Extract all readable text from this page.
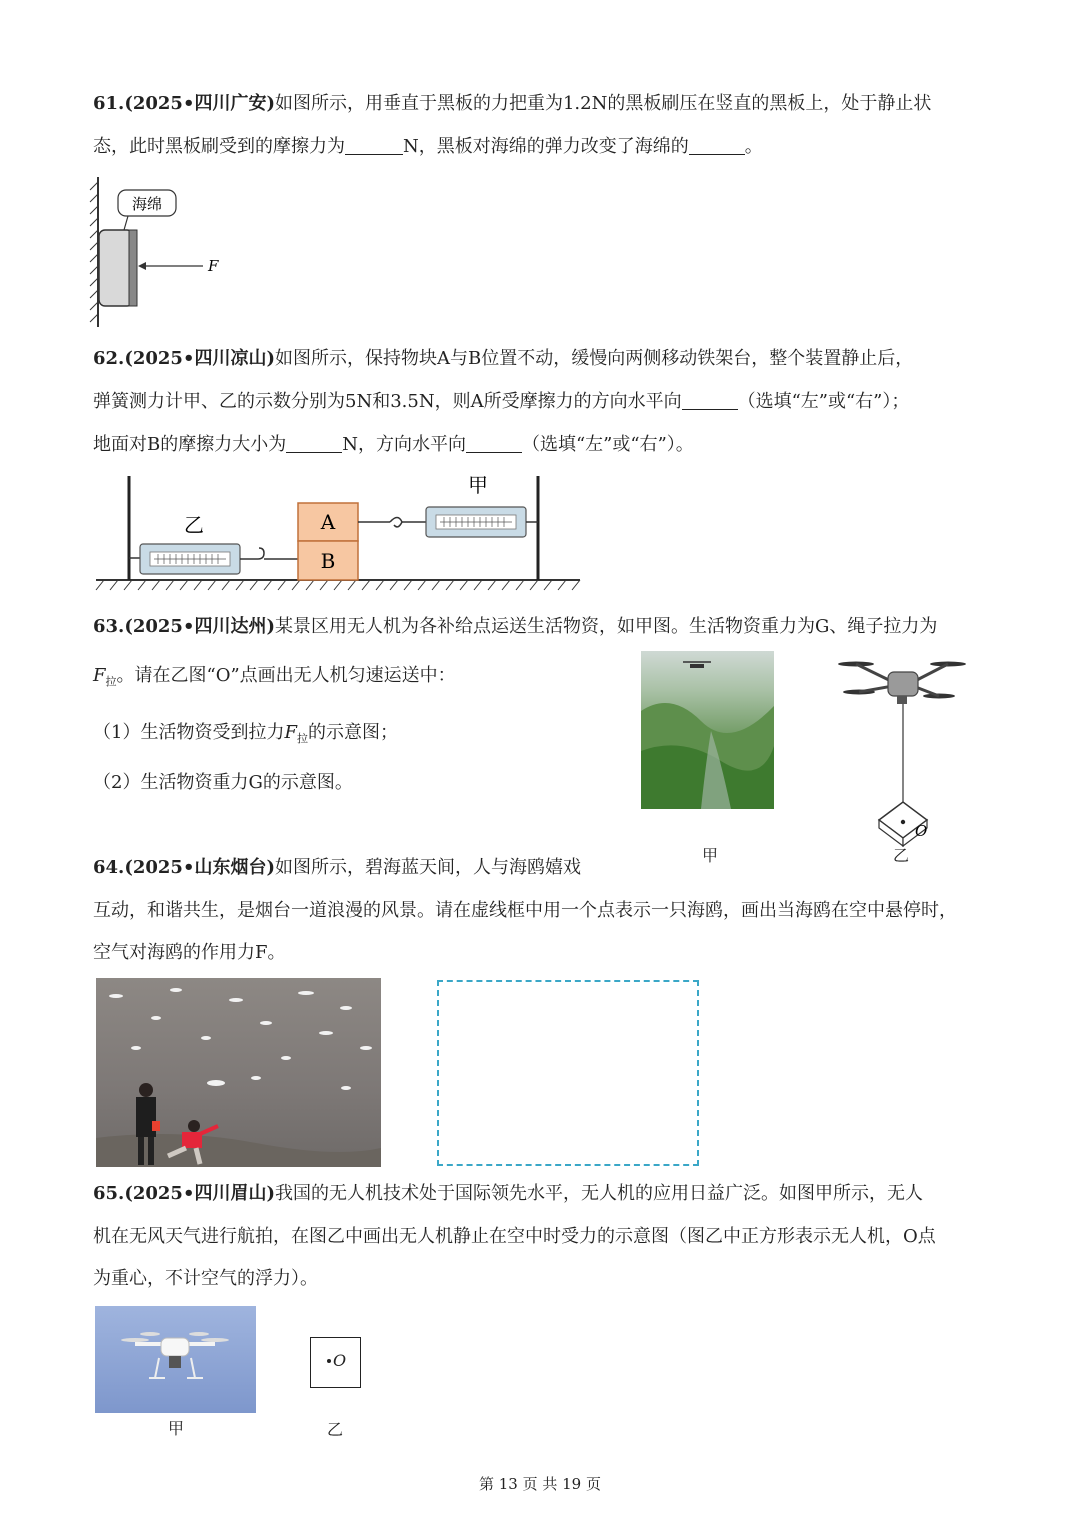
61.(2025•四川广安)如图所示，用垂直于黑板的力把重为1.2N的黑板刷压在竖直的黑板上，处于静止状
态，此时黑板刷受到的摩擦力为	N，黑板对海绵的弹力改变了海绵的	。
海绵
F
62.(2025•四川凉山)如图所示，保持物块A与B位置不动，缓慢向两侧移动铁架台，整个装置静止后，
弹簧测力计甲、乙的示数分别为5N和3.5N，则A所受摩擦力的方向水平向	（选填“左”或“右”）；
地面对B的摩擦力大小为	N，方向水平向	（选填“左”或“右”）。
乙	A
B
甲
63.(2025•四川达州)某景区用无人机为各补给点运送生活物资，如甲图。生活物资重力为G、绳子拉力为
$F_拉$。请在乙图“O”点画出无人机匀速运送中：
（1）生活物资受到拉力$F_拉$的示意图；
（2）生活物资重力G的示意图。
甲
O
乙
64.(2025•山东烟台)如图所示，碧海蓝天间，人与海鸥嬉戏
互动，和谐共生，是烟台一道浪漫的风景。请在虚线框中用一个点表示一只海鸥，画出当海鸥在空中悬停时，
空气对海鸥的作用力F。
65.(2025•四川眉山)我国的无人机技术处于国际领先水平，无人机的应用日益广泛。如图甲所示，无人
机在无风天气进行航拍，在图乙中画出无人机静止在空中时受力的示意图（图乙中正方形表示无人机，O点
为重心，不计空气的浮力）。
甲
O
乙
第 13 页 共 19 页
